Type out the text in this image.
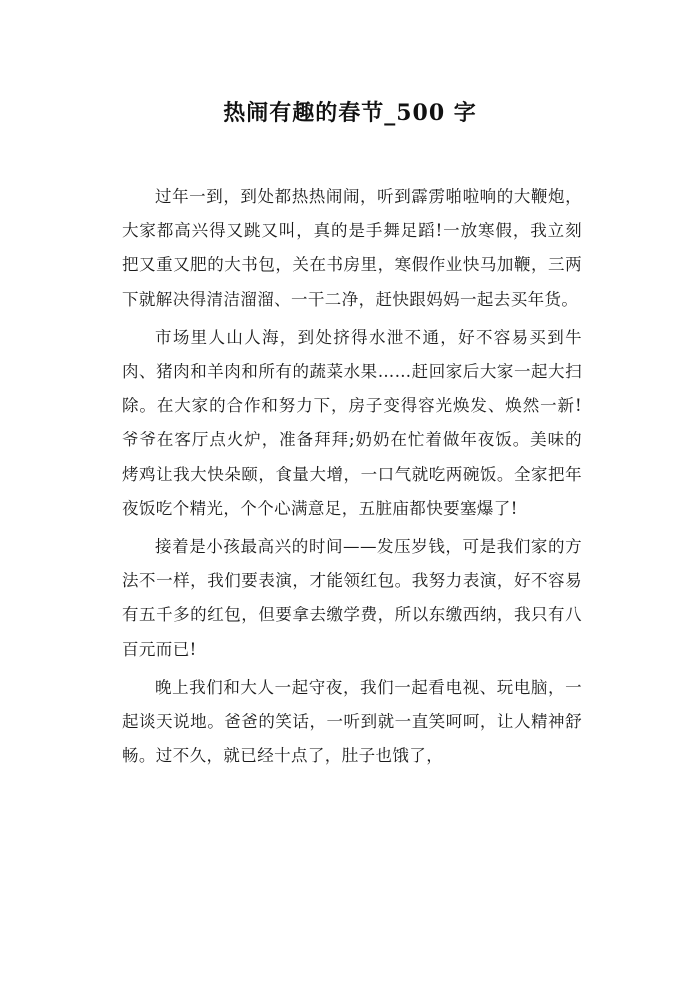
热闹有趣的春节_500 字

过年一到，到处都热热闹闹，听到霹雳啪啦响的大鞭炮，大家都高兴得又跳又叫，真的是手舞足蹈!一放寒假，我立刻把又重又肥的大书包，关在书房里，寒假作业快马加鞭，三两下就解决得清洁溜溜、一干二净，赶快跟妈妈一起去买年货。

市场里人山人海，到处挤得水泄不通，好不容易买到牛肉、猪肉和羊肉和所有的蔬菜水果……赶回家后大家一起大扫除。在大家的合作和努力下，房子变得容光焕发、焕然一新!爷爷在客厅点火炉，准备拜拜;奶奶在忙着做年夜饭。美味的烤鸡让我大快朵颐，食量大增，一口气就吃两碗饭。全家把年夜饭吃个精光，个个心满意足，五脏庙都快要塞爆了!

接着是小孩最高兴的时间——发压岁钱，可是我们家的方法不一样，我们要表演，才能领红包。我努力表演，好不容易有五千多的红包，但要拿去缴学费，所以东缴西纳，我只有八百元而已!

晚上我们和大人一起守夜，我们一起看电视、玩电脑，一起谈天说地。爸爸的笑话，一听到就一直笑呵呵，让人精神舒畅。过不久，就已经十点了，肚子也饿了，
